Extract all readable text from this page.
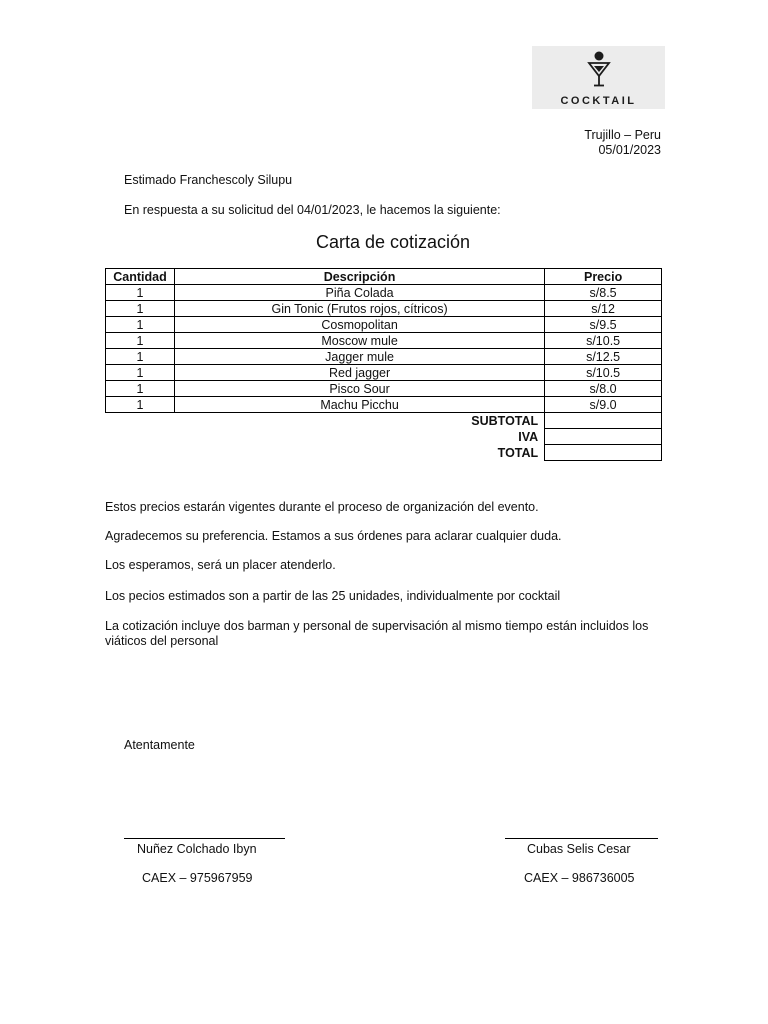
COCKTAIL
Trujillo – Peru
05/01/2023
Estimado Franchescoly Silupu
En respuesta a su solicitud del 04/01/2023, le hacemos la siguiente:
Carta de cotización
Cantidad	Descripción	Precio
1	Piña Colada	s/8.5
1	Gin Tonic (Frutos rojos, cítricos)	s/12
1	Cosmopolitan	s/9.5
1	Moscow mule	s/10.5
1	Jagger mule	s/12.5
1	Red jagger	s/10.5
1	Pisco Sour	s/8.0
1	Machu Picchu	s/9.0
SUBTOTAL		
IVA		
TOTAL		
Estos precios estarán vigentes durante el proceso de organización del evento.
Agradecemos su preferencia. Estamos a sus órdenes para aclarar cualquier duda.
Los esperamos, será un placer atenderlo.
Los pecios estimados son a partir de las 25 unidades, individualmente por cocktail
La cotización incluye dos barman y personal de supervisación al mismo tiempo están incluidos los viáticos del personal
Atentamente
Nuñez Colchado Ibyn
CAEX – 975967959
Cubas Selis Cesar
CAEX – 986736005
